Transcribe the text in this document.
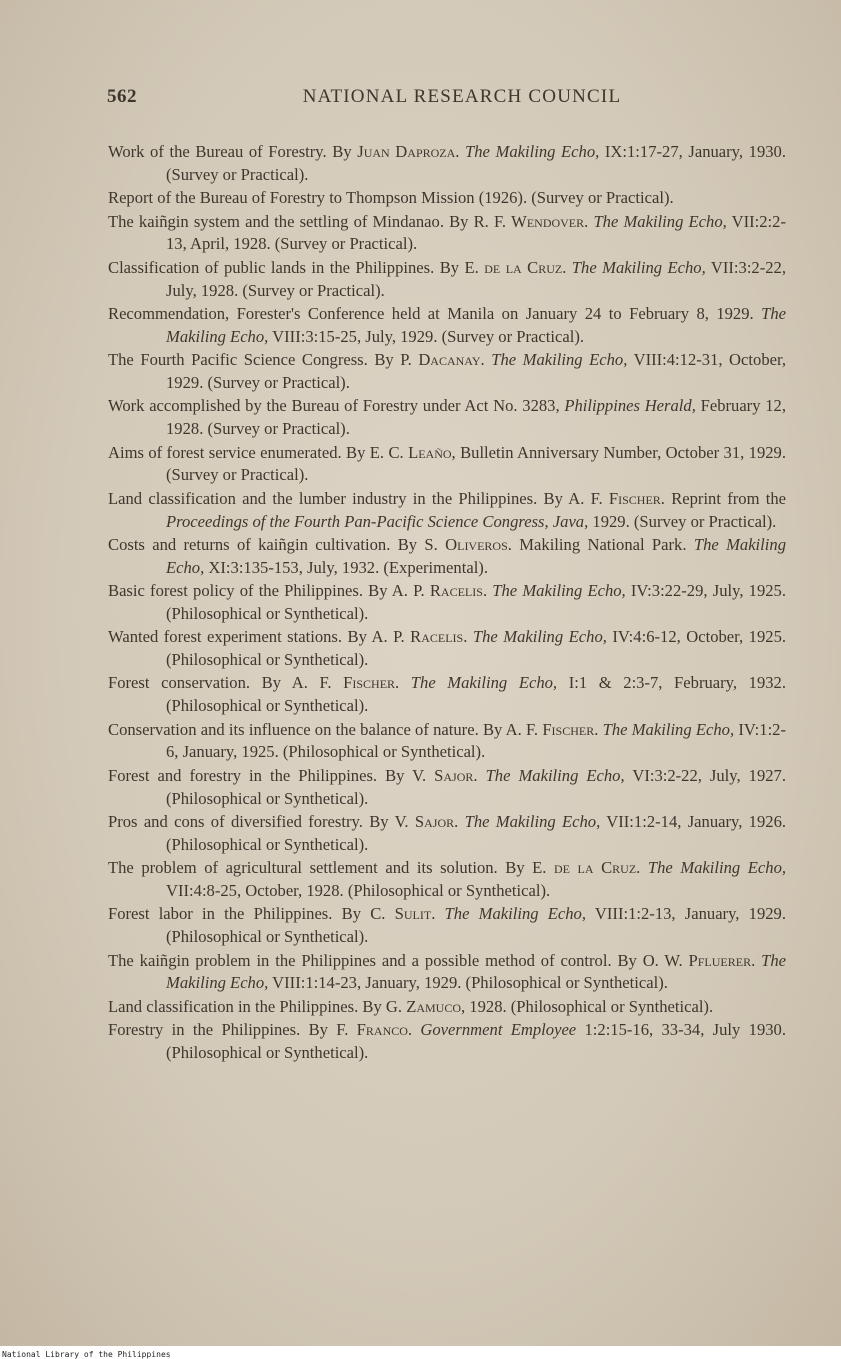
562	NATIONAL RESEARCH COUNCIL
Work of the Bureau of Forestry. By Juan Daproza. The Makiling Echo, IX:1:17-27, January, 1930. (Survey or Practical).
Report of the Bureau of Forestry to Thompson Mission (1926). (Survey or Practical).
The kaiñgin system and the settling of Mindanao. By R. F. Wendover. The Makiling Echo, VII:2:2-13, April, 1928. (Survey or Practical).
Classification of public lands in the Philippines. By E. de la Cruz. The Makiling Echo, VII:3:2-22, July, 1928. (Survey or Practical).
Recommendation, Forester's Conference held at Manila on January 24 to February 8, 1929. The Makiling Echo, VIII:3:15-25, July, 1929. (Survey or Practical).
The Fourth Pacific Science Congress. By P. Dacanay. The Makiling Echo, VIII:4:12-31, October, 1929. (Survey or Practical).
Work accomplished by the Bureau of Forestry under Act No. 3283, Philippines Herald, February 12, 1928. (Survey or Practical).
Aims of forest service enumerated. By E. C. Leaño, Bulletin Anniversary Number, October 31, 1929. (Survey or Practical).
Land classification and the lumber industry in the Philippines. By A. F. Fischer. Reprint from the Proceedings of the Fourth Pan-Pacific Science Congress, Java, 1929. (Survey or Practical).
Costs and returns of kaiñgin cultivation. By S. Oliveros. Makiling National Park. The Makiling Echo, XI:3:135-153, July, 1932. (Experimental).
Basic forest policy of the Philippines. By A. P. Racelis. The Makiling Echo, IV:3:22-29, July, 1925. (Philosophical or Synthetical).
Wanted forest experiment stations. By A. P. Racelis. The Makiling Echo, IV:4:6-12, October, 1925. (Philosophical or Synthetical).
Forest conservation. By A. F. Fischer. The Makiling Echo, I:1 & 2:3-7, February, 1932. (Philosophical or Synthetical).
Conservation and its influence on the balance of nature. By A. F. Fischer. The Makiling Echo, IV:1:2-6, January, 1925. (Philosophical or Synthetical).
Forest and forestry in the Philippines. By V. Sajor. The Makiling Echo, VI:3:2-22, July, 1927. (Philosophical or Synthetical).
Pros and cons of diversified forestry. By V. Sajor. The Makiling Echo, VII:1:2-14, January, 1926. (Philosophical or Synthetical).
The problem of agricultural settlement and its solution. By E. de la Cruz. The Makiling Echo, VII:4:8-25, October, 1928. (Philosophical or Synthetical).
Forest labor in the Philippines. By C. Sulit. The Makiling Echo, VIII:1:2-13, January, 1929. (Philosophical or Synthetical).
The kaiñgin problem in the Philippines and a possible method of control. By O. W. Pfluerer. The Makiling Echo, VIII:1:14-23, January, 1929. (Philosophical or Synthetical).
Land classification in the Philippines. By G. Zamuco, 1928. (Philosophical or Synthetical).
Forestry in the Philippines. By F. Franco. Government Employee 1:2:15-16, 33-34, July 1930. (Philosophical or Synthetical).
National Library of the Philippines
